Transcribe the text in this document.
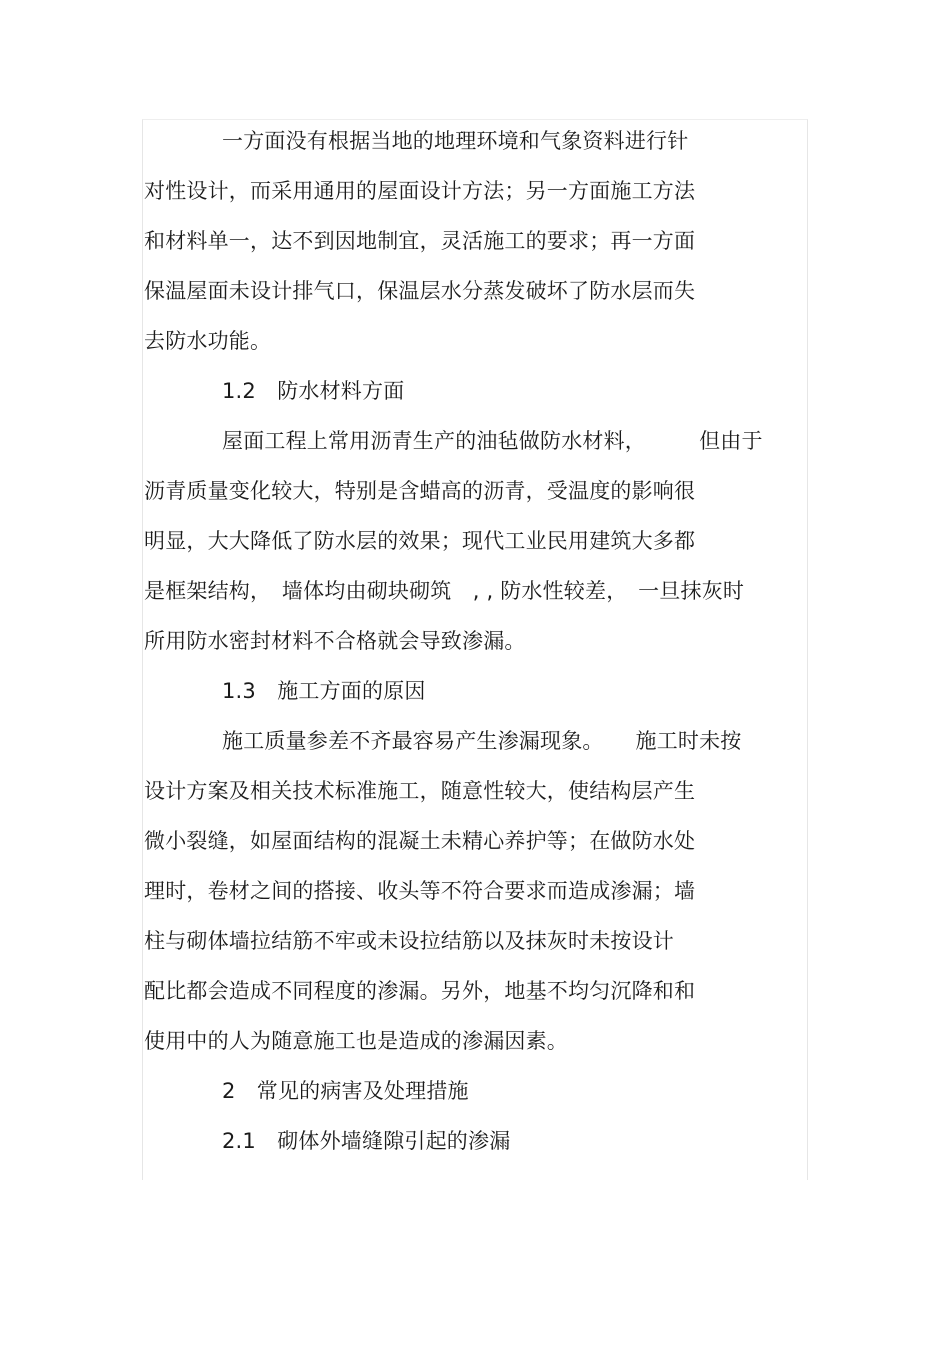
一方面没有根据当地的地理环境和气象资料进行针
对性设计，而采用通用的屋面设计方法；另一方面施工方法
和材料单一，达不到因地制宜，灵活施工的要求；再一方面
保温屋面未设计排气口，保温层水分蒸发破坏了防水层而失
去防水功能。
1.2　防水材料方面
屋面工程上常用沥青生产的油毡做防水材料，　　　但由于
沥青质量变化较大，特别是含蜡高的沥青，受温度的影响很
明显，大大降低了防水层的效果；现代工业民用建筑大多都
是框架结构，　墙体均由砌块砌筑　, , 防水性较差，　一旦抹灰时
所用防水密封材料不合格就会导致渗漏。
1.3　施工方面的原因
施工质量参差不齐最容易产生渗漏现象。　　施工时未按
设计方案及相关技术标准施工，随意性较大，使结构层产生
微小裂缝，如屋面结构的混凝土未精心养护等；在做防水处
理时，卷材之间的搭接、收头等不符合要求而造成渗漏；墙
柱与砌体墙拉结筋不牢或未设拉结筋以及抹灰时未按设计
配比都会造成不同程度的渗漏。另外，地基不均匀沉降和和
使用中的人为随意施工也是造成的渗漏因素。
2　常见的病害及处理措施
2.1　砌体外墙缝隙引起的渗漏
